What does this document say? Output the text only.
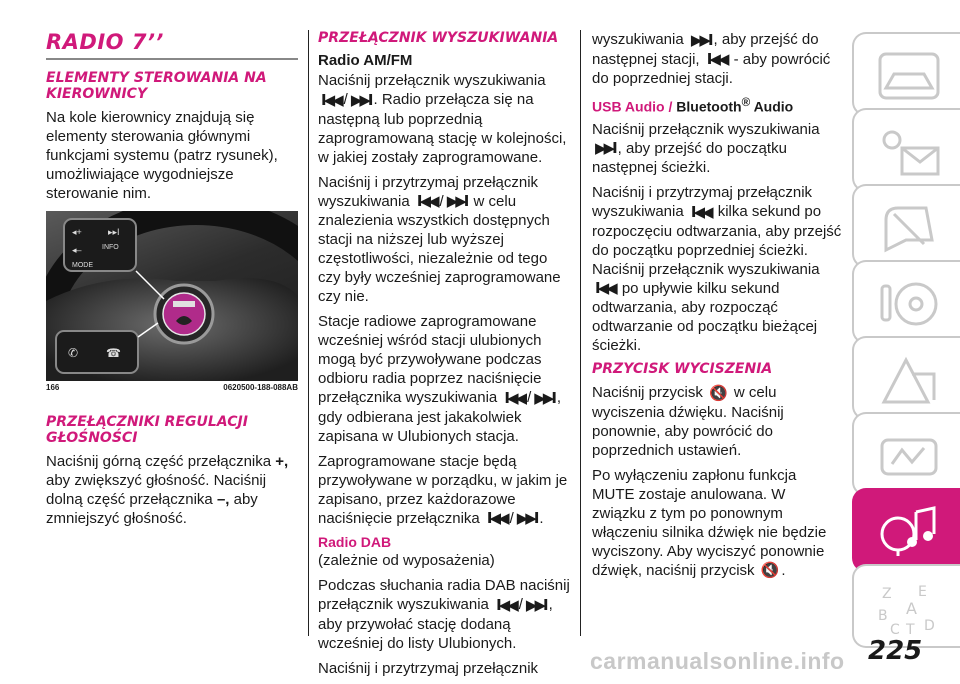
RADIO 7’’
ELEMENTY STEROWANIA NA KIEROWNICY

Na kole kierownicy znajdują się elementy sterowania głównymi funkcjami systemu (patrz rysunek), umożliwiające wygodniejsze sterowanie nim.

◂+	▸▸I
◂–	INFO
MODE
✆ ☎
166	0620500-188-088AB
PRZEŁĄCZNIKI REGULACJI GŁOŚNOŚCI

Naciśnij górną część przełącznika +, aby zwiększyć głośność. Naciśnij dolną część przełącznika –, aby zmniejszyć głośność.

PRZEŁĄCZNIK WYSZUKIWANIA
Radio AM/FM

Naciśnij przełącznik wyszukiwania I◀◀ / ▶▶I . Radio przełącza się na następną lub poprzednią zaprogramowaną stację w kolejności, w jakiej zostały zaprogramowane.

Naciśnij i przytrzymaj przełącznik wyszukiwania I◀◀ / ▶▶I w celu znalezienia wszystkich dostępnych stacji na niższej lub wyższej częstotliwości, niezależnie od tego czy były wcześniej zaprogramowane czy nie.

Stacje radiowe zaprogramowane wcześniej wśród stacji ulubionych mogą być przywoływane podczas odbioru radia poprzez naciśnięcie przełącznika wyszukiwania I◀◀ / ▶▶I , gdy odbierana jest jakakolwiek zapisana w Ulubionych stacja.

Zaprogramowane stacje będą przywoływane w porządku, w jakim je zapisano, przez każdorazowe naciśnięcie przełącznika I◀◀ / ▶▶I .

Radio DAB

(zależnie od wyposażenia)

Podczas słuchania radia DAB naciśnij przełącznik wyszukiwania I◀◀ / ▶▶I , aby przywołać stację dodaną wcześniej do listy Ulubionych.

Naciśnij i przytrzymaj przełącznik

wyszukiwania ▶▶I , aby przejść do następnej stacji, I◀◀ - aby powrócić do poprzedniej stacji.

USB Audio / Bluetooth® Audio

Naciśnij przełącznik wyszukiwania ▶▶I , aby przejść do początku następnej ścieżki.

Naciśnij i przytrzymaj przełącznik wyszukiwania I◀◀ kilka sekund po rozpoczęciu odtwarzania, aby przejść do początku poprzedniej ścieżki. Naciśnij przełącznik wyszukiwania I◀◀ po upływie kilku sekund odtwarzania, aby rozpocząć odtwarzanie od początku bieżącej ścieżki.

PRZYCISK WYCISZENIA

Naciśnij przycisk 🔇 w celu wyciszenia dźwięku. Naciśnij ponownie, aby powrócić do poprzednich ustawień.

Po wyłączeniu zapłonu funkcja MUTE zostaje anulowana. W związku z tym po ponownym włączeniu silnika dźwięk nie będzie wyciszony. Aby wyciszyć ponownie dźwięk, naciśnij przycisk 🔇 .

Z E
B A
C T D
225
carmanualsonline.info
